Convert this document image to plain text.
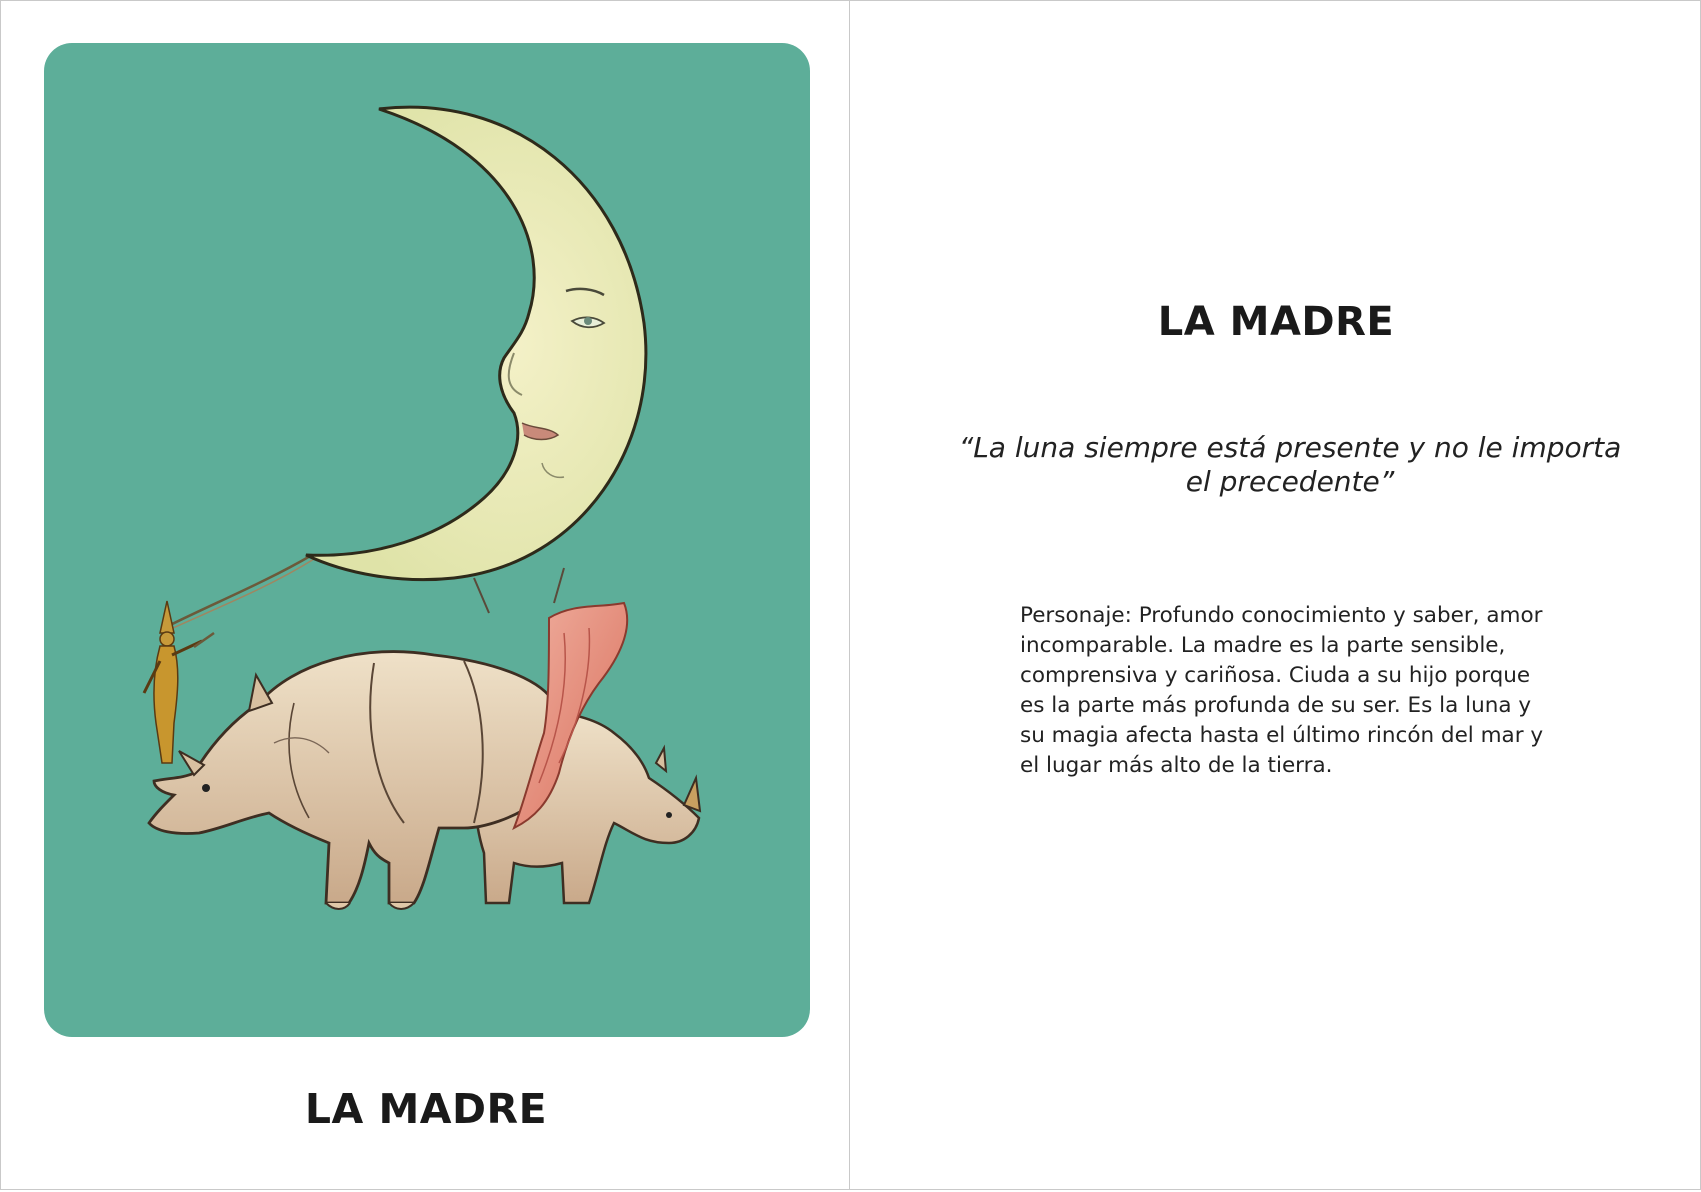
LA MADRE
LA MADRE

“La luna siempre está presente y no le importa el precedente”

Personaje: Profundo conocimiento y saber, amor incomparable. La madre es la parte sensible, comprensiva y cariñosa. Ciuda a su hijo porque es la parte más profunda de su ser. Es la luna y su magia afecta hasta el último rincón del mar y el lugar más alto de la tierra.
